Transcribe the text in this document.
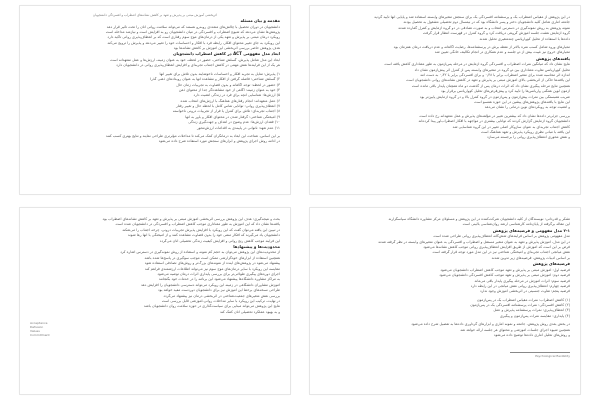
اثربخشی آموزش مبتنی بر پذیرش و تعهد بر کاهش نشانه‌های اضطراب و افسردگی دانشجویان
مقدمه و بیان مسئله
دانشجویان در دوران تحصیل با چالش‌های متعددی روبه‌رو هستند که می‌تواند سلامت روانی آنان را تحت تأثیر قرار دهد
پژوهش‌ها نشان می‌دهد که شیوع اضطراب و افسردگی در میان دانشجویان رو به افزایش است و نیازمند مداخله است
رویکرد درمان مبتنی بر پذیرش و تعهد یکی از درمان‌های موج سوم رفتاری است که بر انعطاف‌پذیری روانی تأکید دارد
این رویکرد به جای تغییر محتوای افکار، رابطه فرد با افکار و احساسات خود را تغییر می‌دهد و پذیرش را ترویج می‌کند
هدف پژوهش حاضر بررسی اثربخشی این آموزش بر کاهش نشانه‌ها بود
ابعاد مدل مفهومی ACT در کاهش اضطراب دانشجویان
ابعاد این مدل شامل پذیرش، گسلش شناختی، حضور در لحظه، خود به عنوان زمینه، ارزش‌ها و عمل متعهدانه است
هر یک از این فرایندها نقش مهمی در کاهش اجتناب تجربه‌ای و افزایش انعطاف‌پذیری روانی در دانشجویان دارد
۱) پذیرش: تمایل به تجربه افکار و احساسات ناخوشایند بدون تلاش برای تغییر آنها
۲) گسلش شناختی: فاصله گرفتن از افکار و مشاهده آنها به عنوان رویدادهای ذهنی گذرا
۳) حضور در لحظه: توجه آگاهانه و بدون قضاوت به تجربیات زمان حال
۴) خود به عنوان زمینه: آگاهی از خود مشاهده‌گر جدا از محتوای ذهن
۵) ارزش‌ها: شناسایی آنچه برای فرد در زندگی اهمیت دارد
۶) عمل متعهدانه: انجام رفتارهای هماهنگ با ارزش‌های انتخاب شده
۷) انعطاف‌پذیری روانی: توانایی تماس کامل با لحظه حال و تغییر رفتار
۸) اجتناب تجربه‌ای: تلاش برای کنترل یا فرار از تجربیات درونی ناخواسته
۹) آمیختگی شناختی: گرفتار شدن در محتوای افکار و باور به آنها
۱۰) فقدان ارزش‌ها: عدم وضوح در اهداف و جهت‌گیری زندگی
۱۱) عدم تعهد: ناتوانی در پایبندی به اقدامات ارزش‌محور
بر این اساس، شناخت این ابعاد به درمانگران کمک می‌کند تا مداخلات مؤثرتری طراحی نمایند و نتایج بهتری کسب کنند
در ادامه روش اجرای پژوهش و ابزارهای سنجش مورد استفاده شرح داده می‌شود
در این پژوهش از مقیاس اضطراب بک و پرسشنامه افسردگی بک برای سنجش متغیرهای وابسته استفاده شد و پایایی آنها تأیید گردید
جامعه آماری شامل کلیه دانشجویان دختر و پسر دانشگاه بود که در نیمسال دوم تحصیلی مشغول به تحصیل بودند
نمونه پژوهش به روش نمونه‌گیری در دسترس انتخاب و به صورت تصادفی در دو گروه آزمایش و کنترل گمارده شدند
گروه آزمایش هشت جلسه آموزش گروهی دریافت کرد و گروه کنترل در فهرست انتظار قرار گرفت
داده‌ها با استفاده از تحلیل کوواریانس چندمتغیری تحلیل شدند
معیارهای ورود شامل کسب نمره بالاتر از نقطه برش در پرسشنامه‌ها، رضایت آگاهانه و عدم دریافت درمان همزمان بود
معیارهای خروج نیز غیبت بیش از دو جلسه و عدم همکاری در انجام تکالیف خانگی تعیین شد
یافته‌های پژوهش
نتایج نشان داد که میانگین نمرات اضطراب و افسردگی گروه آزمایش در مرحله پس‌آزمون به طور معناداری کاهش یافته است
تحلیل کوواریانس تفاوت معناداری بین دو گروه در متغیرهای وابسته پس از کنترل اثر پیش‌آزمون نشان داد
اندازه اثر محاسبه شده برای متغیر اضطراب برابر با ۰٫۴۸ و برای افسردگی برابر با ۰٫۴۲ به دست آمد
این یافته‌ها حاکی از اثربخشی بالای آموزش مبتنی بر پذیرش و تعهد در کاهش نشانه‌های روانی دانشجویان است
همچنین نتایج مرحله پیگیری نشان داد که اثرات درمان پس از گذشت دو ماه همچنان پایدار باقی مانده است
آزمون لوین همگنی واریانس‌ها را تأیید کرد و پیش‌فرض‌های تحلیل کوواریانس برقرار بود
ضریب همبستگی بین نمرات پیش‌آزمون و پس‌آزمون در گروه کنترل بالا و در گروه آزمایش پایین‌تر بود
این نتایج با یافته‌های پژوهش‌های پیشین در این حوزه همسو است
و اهمیت توجه به رویکردهای نوین درمانی را نشان می‌دهد
بررسی جزئی‌تر داده‌ها نشان داد که بیشترین تغییر در مؤلفه‌های پذیرش و عمل متعهدانه رخ داده است
دانشجویان گروه آزمایش گزارش کردند که توانایی بیشتری در مواجهه با افکار اضطراب‌آور پیدا کرده‌اند
کاهش اجتناب تجربه‌ای به عنوان سازوکار اصلی تغییر در این گروه شناسایی شد
این یافته با مبانی نظری رویکرد پذیرش و تعهد هماهنگ است
و نقش محوری انعطاف‌پذیری روانی را برجسته می‌سازد
بحث و نتیجه‌گیری: هدف این پژوهش بررسی اثربخشی آموزش مبتنی بر پذیرش و تعهد بر کاهش نشانه‌های اضطراب بود
یافته‌ها نشان داد که این آموزش به طور معناداری موجب کاهش اضطراب و افسردگی در دانشجویان شده است
در تبیین این یافته می‌توان گفت که این رویکرد با افزایش پذیرش تجربیات درونی، چرخه اجتناب را می‌شکند
دانشجویان یاد می‌گیرند که افکار منفی خود را بدون قضاوت مشاهده کنند و از آمیختگی با آنها رها شوند
این فرایند موجب کاهش رنج روانی و افزایش کیفیت زندگی تحصیلی آنان می‌گردد
محدودیت‌ها و پیشنهادها
از محدودیت‌های این پژوهش می‌توان به حجم کم نمونه و استفاده از روش نمونه‌گیری در دسترس اشاره کرد
همچنین استفاده از ابزارهای خودگزارشی ممکن است موجب سوگیری در پاسخ‌ها شده باشد
پیشنهاد می‌شود در پژوهش‌های آینده از نمونه‌های بزرگ‌تر و روش‌های تصادفی استفاده شود
مقایسه این رویکرد با سایر درمان‌های موج سوم نیز می‌تواند اطلاعات ارزشمندی فراهم کند
اجرای دوره‌های پیگیری طولانی‌تر برای بررسی پایداری اثرات درمان توصیه می‌شود
به مراکز مشاوره دانشگاه‌ها پیشنهاد می‌شود این برنامه را در خدمات خود بگنجانند
آموزش مشاوران دانشگاهی در زمینه این رویکرد می‌تواند دسترسی دانشجویان را افزایش دهد
طراحی نسخه‌های برخط این آموزش نیز برای دانشجویان دوردست مفید خواهد بود
بررسی نقش متغیرهای جمعیت‌شناختی در اثربخشی درمان نیز پیشنهاد می‌گردد
در نهایت، ترکیب این رویکرد با سایر مداخلات روانی-آموزشی قابل بررسی است
نتایج این پژوهش می‌تواند مبنایی برای سیاست‌گذاری در حوزه سلامت روان دانشجویان باشد
و به بهبود عملکرد تحصیلی آنان کمک کند
Acceptance
Defusion
Values
Commitment
تشکر و قدردانی: نویسندگان از کلیه دانشجویان شرکت‌کننده در این پژوهش و مسئولان مرکز مشاوره دانشگاه سپاسگزارند
این مقاله برگرفته از پایان‌نامه کارشناسی ارشد روان‌شناسی بالینی است
۲-۱ مدل مفهومی و فرضیه‌های پژوهش
مدل مفهومی پژوهش بر اساس فرایندهای شش‌گانه انعطاف‌پذیری روانی طراحی شده است
در این مدل، آموزش پذیرش و تعهد به عنوان متغیر مستقل و اضطراب و افسردگی به عنوان متغیرهای وابسته در نظر گرفته شدند
فرض بر این است که آموزش از طریق افزایش انعطاف‌پذیری روانی موجب کاهش نشانه‌ها می‌شود
نقش میانجی اجتناب تجربه‌ای و آمیختگی شناختی نیز در این مدل مورد توجه قرار گرفته است
بر اساس ادبیات پژوهش، فرضیه‌های زیر تدوین شدند
فرضیه‌های پژوهش
فرضیه اول: آموزش مبتنی بر پذیرش و تعهد موجب کاهش اضطراب دانشجویان می‌شود
فرضیه دوم: آموزش مبتنی بر پذیرش و تعهد موجب کاهش افسردگی دانشجویان می‌شود
فرضیه سوم: اثرات آموزش در مرحله پیگیری پایدار باقی می‌ماند
فرضیه چهارم: انعطاف‌پذیری روانی نقش میانجی در این رابطه دارد
فرضیه پنجم: تفاوت جنسیتی در اثربخشی آموزش وجود ندارد
(۱) کاهش اضطراب: نمرات مقیاس اضطراب بک در پس‌آزمون
(۲) کاهش افسردگی: نمرات پرسشنامه افسردگی بک در پس‌آزمون
(۳) انعطاف‌پذیری: نمرات پرسشنامه پذیرش و عمل
(۴) پایداری: مقایسه نمرات پس‌آزمون و پیگیری
در بخش بعدی روش پژوهش، جامعه و نمونه آماری و ابزارهای گردآوری داده‌ها به تفصیل شرح داده می‌شود
همچنین شیوه اجرای جلسات آموزشی و محتوای هر جلسه ارائه خواهد شد
و روش‌های تحلیل آماری داده‌ها توضیح داده می‌شود
Psychological flexibility
